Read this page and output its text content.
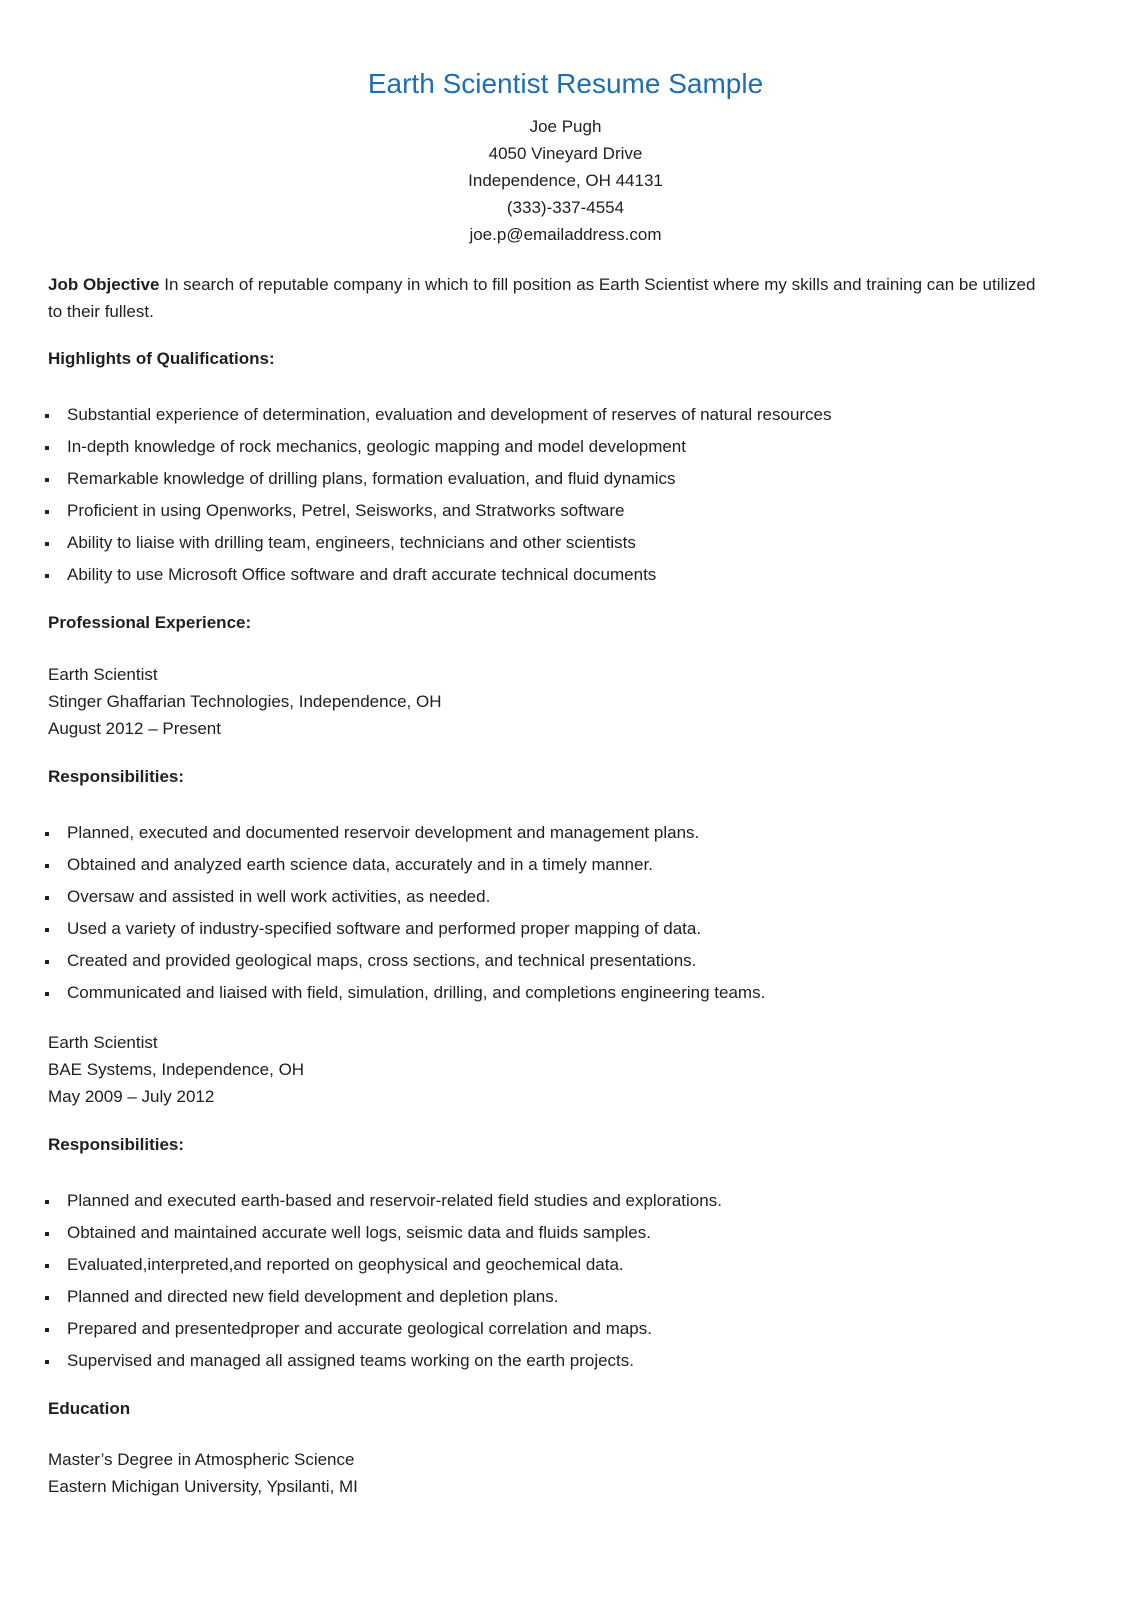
Earth Scientist Resume Sample
Joe Pugh
4050 Vineyard Drive
Independence, OH 44131
(333)-337-4554
joe.p@emailaddress.com
Job Objective In search of reputable company in which to fill position as Earth Scientist where my skills and training can be utilized to their fullest.
Highlights of Qualifications:
Substantial experience of determination, evaluation and development of reserves of natural resources
In-depth knowledge of rock mechanics, geologic mapping and model development
Remarkable knowledge of drilling plans, formation evaluation, and fluid dynamics
Proficient in using Openworks, Petrel, Seisworks, and Stratworks software
Ability to liaise with drilling team, engineers, technicians and other scientists
Ability to use Microsoft Office software and draft accurate technical documents
Professional Experience:
Earth Scientist
Stinger Ghaffarian Technologies, Independence, OH
August 2012 – Present
Responsibilities:
Planned, executed and documented reservoir development and management plans.
Obtained and analyzed earth science data, accurately and in a timely manner.
Oversaw and assisted in well work activities, as needed.
Used a variety of industry-specified software and performed proper mapping of data.
Created and provided geological maps, cross sections, and technical presentations.
Communicated and liaised with field, simulation, drilling, and completions engineering teams.
Earth Scientist
BAE Systems, Independence, OH
May 2009 – July 2012
Responsibilities:
Planned and executed earth-based and reservoir-related field studies and explorations.
Obtained and maintained accurate well logs, seismic data and fluids samples.
Evaluated,interpreted,and reported on geophysical and geochemical data.
Planned and directed new field development and depletion plans.
Prepared and presentedproper and accurate geological correlation and maps.
Supervised and managed all assigned teams working on the earth projects.
Education
Master’s Degree in Atmospheric Science
Eastern Michigan University, Ypsilanti, MI
